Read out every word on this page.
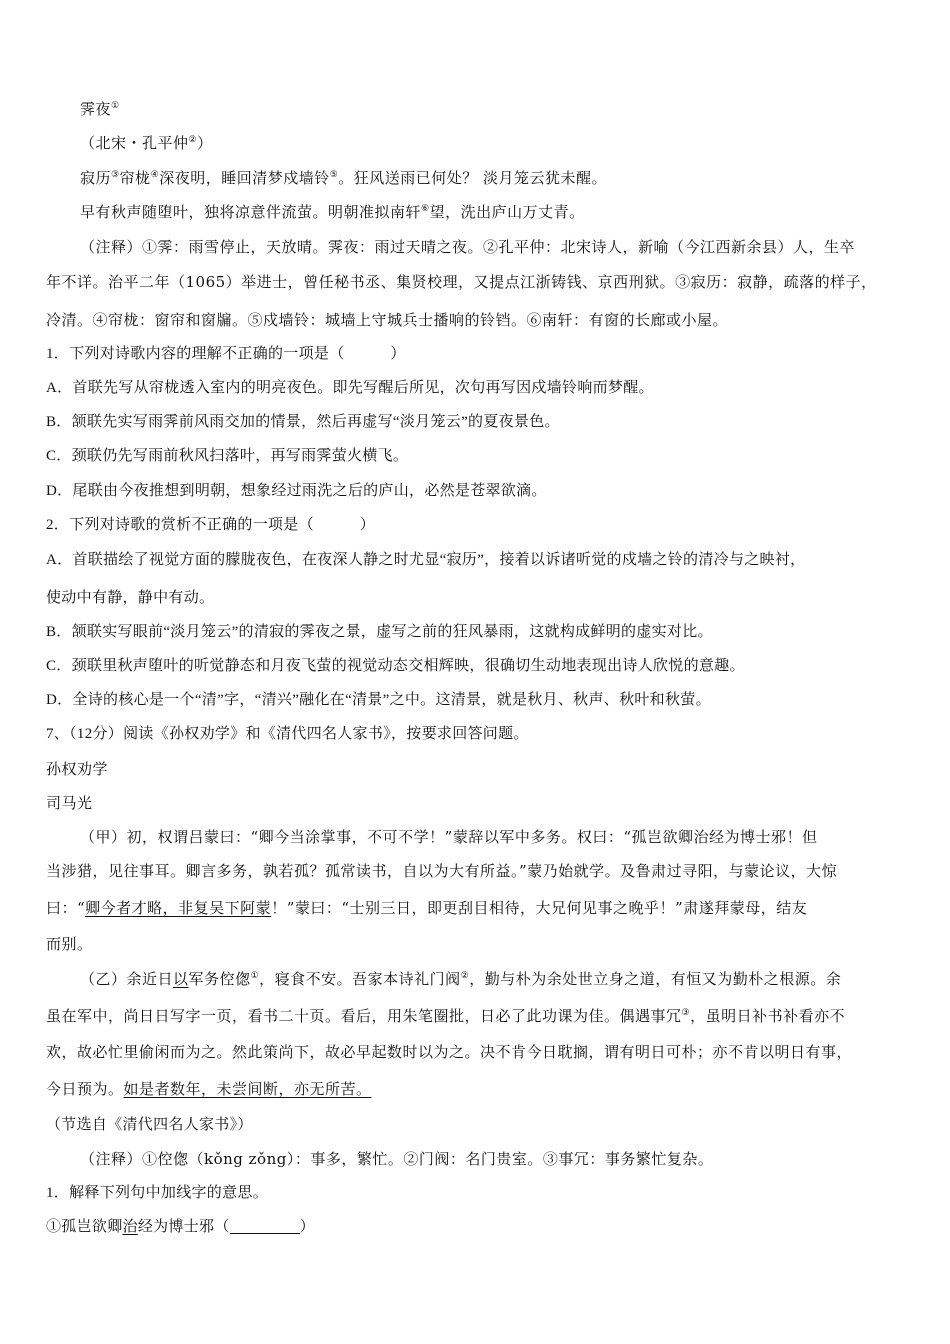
霁夜①
（北宋・孔平仲②）
寂历③帘栊④深夜明，睡回清梦戍墙铃⑤。狂风送雨已何处？ 淡月笼云犹未醒。
早有秋声随堕叶，独将凉意伴流萤。明朝准拟南轩⑥望，洗出庐山万丈青。
（注释）①霁：雨雪停止，天放晴。霁夜：雨过天晴之夜。②孔平仲：北宋诗人，新喻（今江西新余县）人，生卒
年不详。治平二年（1065）举进士，曾任秘书丞、集贤校理，又提点江浙铸钱、京西刑狱。③寂历：寂静，疏落的样子，
冷清。④帘栊：窗帘和窗牖。⑤戍墙铃：城墙上守城兵士播响的铃铛。⑥南轩：有窗的长廊或小屋。
1．下列对诗歌内容的理解不正确的一项是（　　　）
A．首联先写从帘栊透入室内的明亮夜色。即先写醒后所见，次句再写因戍墙铃响而梦醒。
B．颔联先实写雨霁前风雨交加的情景，然后再虚写“淡月笼云”的夏夜景色。
C．颈联仍先写雨前秋风扫落叶，再写雨霁萤火横飞。
D．尾联由今夜推想到明朝，想象经过雨洗之后的庐山，必然是苍翠欲滴。
2．下列对诗歌的赏析不正确的一项是（　　　）
A．首联描绘了视觉方面的朦胧夜色，在夜深人静之时尤显“寂历”，接着以诉诸听觉的戍墙之铃的清冷与之映衬，
使动中有静，静中有动。
B．颔联实写眼前“淡月笼云”的清寂的霁夜之景，虚写之前的狂风暴雨，这就构成鲜明的虚实对比。
C．颈联里秋声堕叶的听觉静态和月夜飞萤的视觉动态交相辉映，很确切生动地表现出诗人欣悦的意趣。
D．全诗的核心是一个“清”字，“清兴”融化在“清景”之中。这清景，就是秋月、秋声、秋叶和秋萤。
7、（12分）阅读《孙权劝学》和《清代四名人家书》，按要求回答问题。
孙权劝学
司马光
（甲）初，权谓吕蒙曰：“卿今当涂掌事，不可不学！”蒙辞以军中多务。权曰：“孤岂欲卿治经为博士邪！但
当涉猎，见往事耳。卿言多务，孰若孤？孤常读书，自以为大有所益。”蒙乃始就学。及鲁肃过寻阳，与蒙论议，大惊
曰：“卿今者才略，非复吴下阿蒙！”蒙曰：“士别三日，即更刮目相待，大兄何见事之晚乎！”肃遂拜蒙母，结友
而别。
（乙）余近日以军务倥偬①，寝食不安。吾家本诗礼门阀②，勤与朴为余处世立身之道，有恒又为勤朴之根源。余
虽在军中，尚日日写字一页，看书二十页。看后，用朱笔圈批，日必了此功课为佳。偶遇事冗③，虽明日补书补看亦不
欢，故必忙里偷闲而为之。然此策尚下，故必早起数时以为之。决不肯今日耽搁，谓有明日可朴；亦不肯以明日有事，
今日预为。如是者数年，未尝间断，亦无所苦。
（节选自《清代四名人家书》）
（注释）①倥偬（kǒng zǒng）：事多，繁忙。②门阀：名门贵室。③事冗：事务繁忙复杂。
1．解释下列句中加线字的意思。
①孤岂欲卿治经为博士邪（	）
